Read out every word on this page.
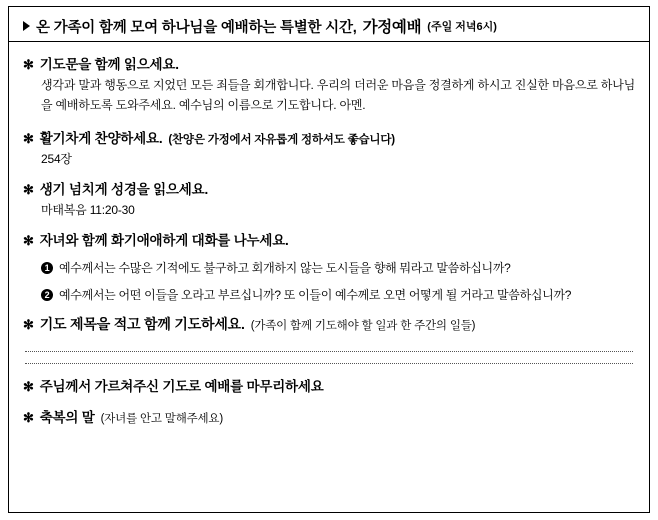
온 가족이 함께 모여 하나님을 예배하는 특별한 시간, 가정예배 (주일 저녁6시)
✻ 기도문을 함께 읽으세요.
생각과 말과 행동으로 지었던 모든 죄들을 회개합니다. 우리의 더러운 마음을 정결하게 하시고 진실한 마음으로 하나님을 예배하도록 도와주세요. 예수님의 이름으로 기도합니다. 아멘.
✻ 활기차게 찬양하세요. (찬양은 가정에서 자유롭게 정하셔도 좋습니다)
254장
✻ 생기 넘치게 성경을 읽으세요.
마태복음 11:20-30
✻ 자녀와 함께 화기애애하게 대화를 나누세요.
1 예수께서는 수많은 기적에도 불구하고 회개하지 않는 도시들을 향해 뭐라고 말씀하십니까?
2 예수께서는 어떤 이들을 오라고 부르십니까? 또 이들이 예수께로 오면 어떻게 될 거라고 말씀하십니까?
✻ 기도 제목을 적고 함께 기도하세요. (가족이 함께 기도해야 할 일과 한 주간의 일들)
✻ 주님께서 가르쳐주신 기도로 예배를 마무리하세요
✻ 축복의 말 (자녀를 안고 말해주세요)
